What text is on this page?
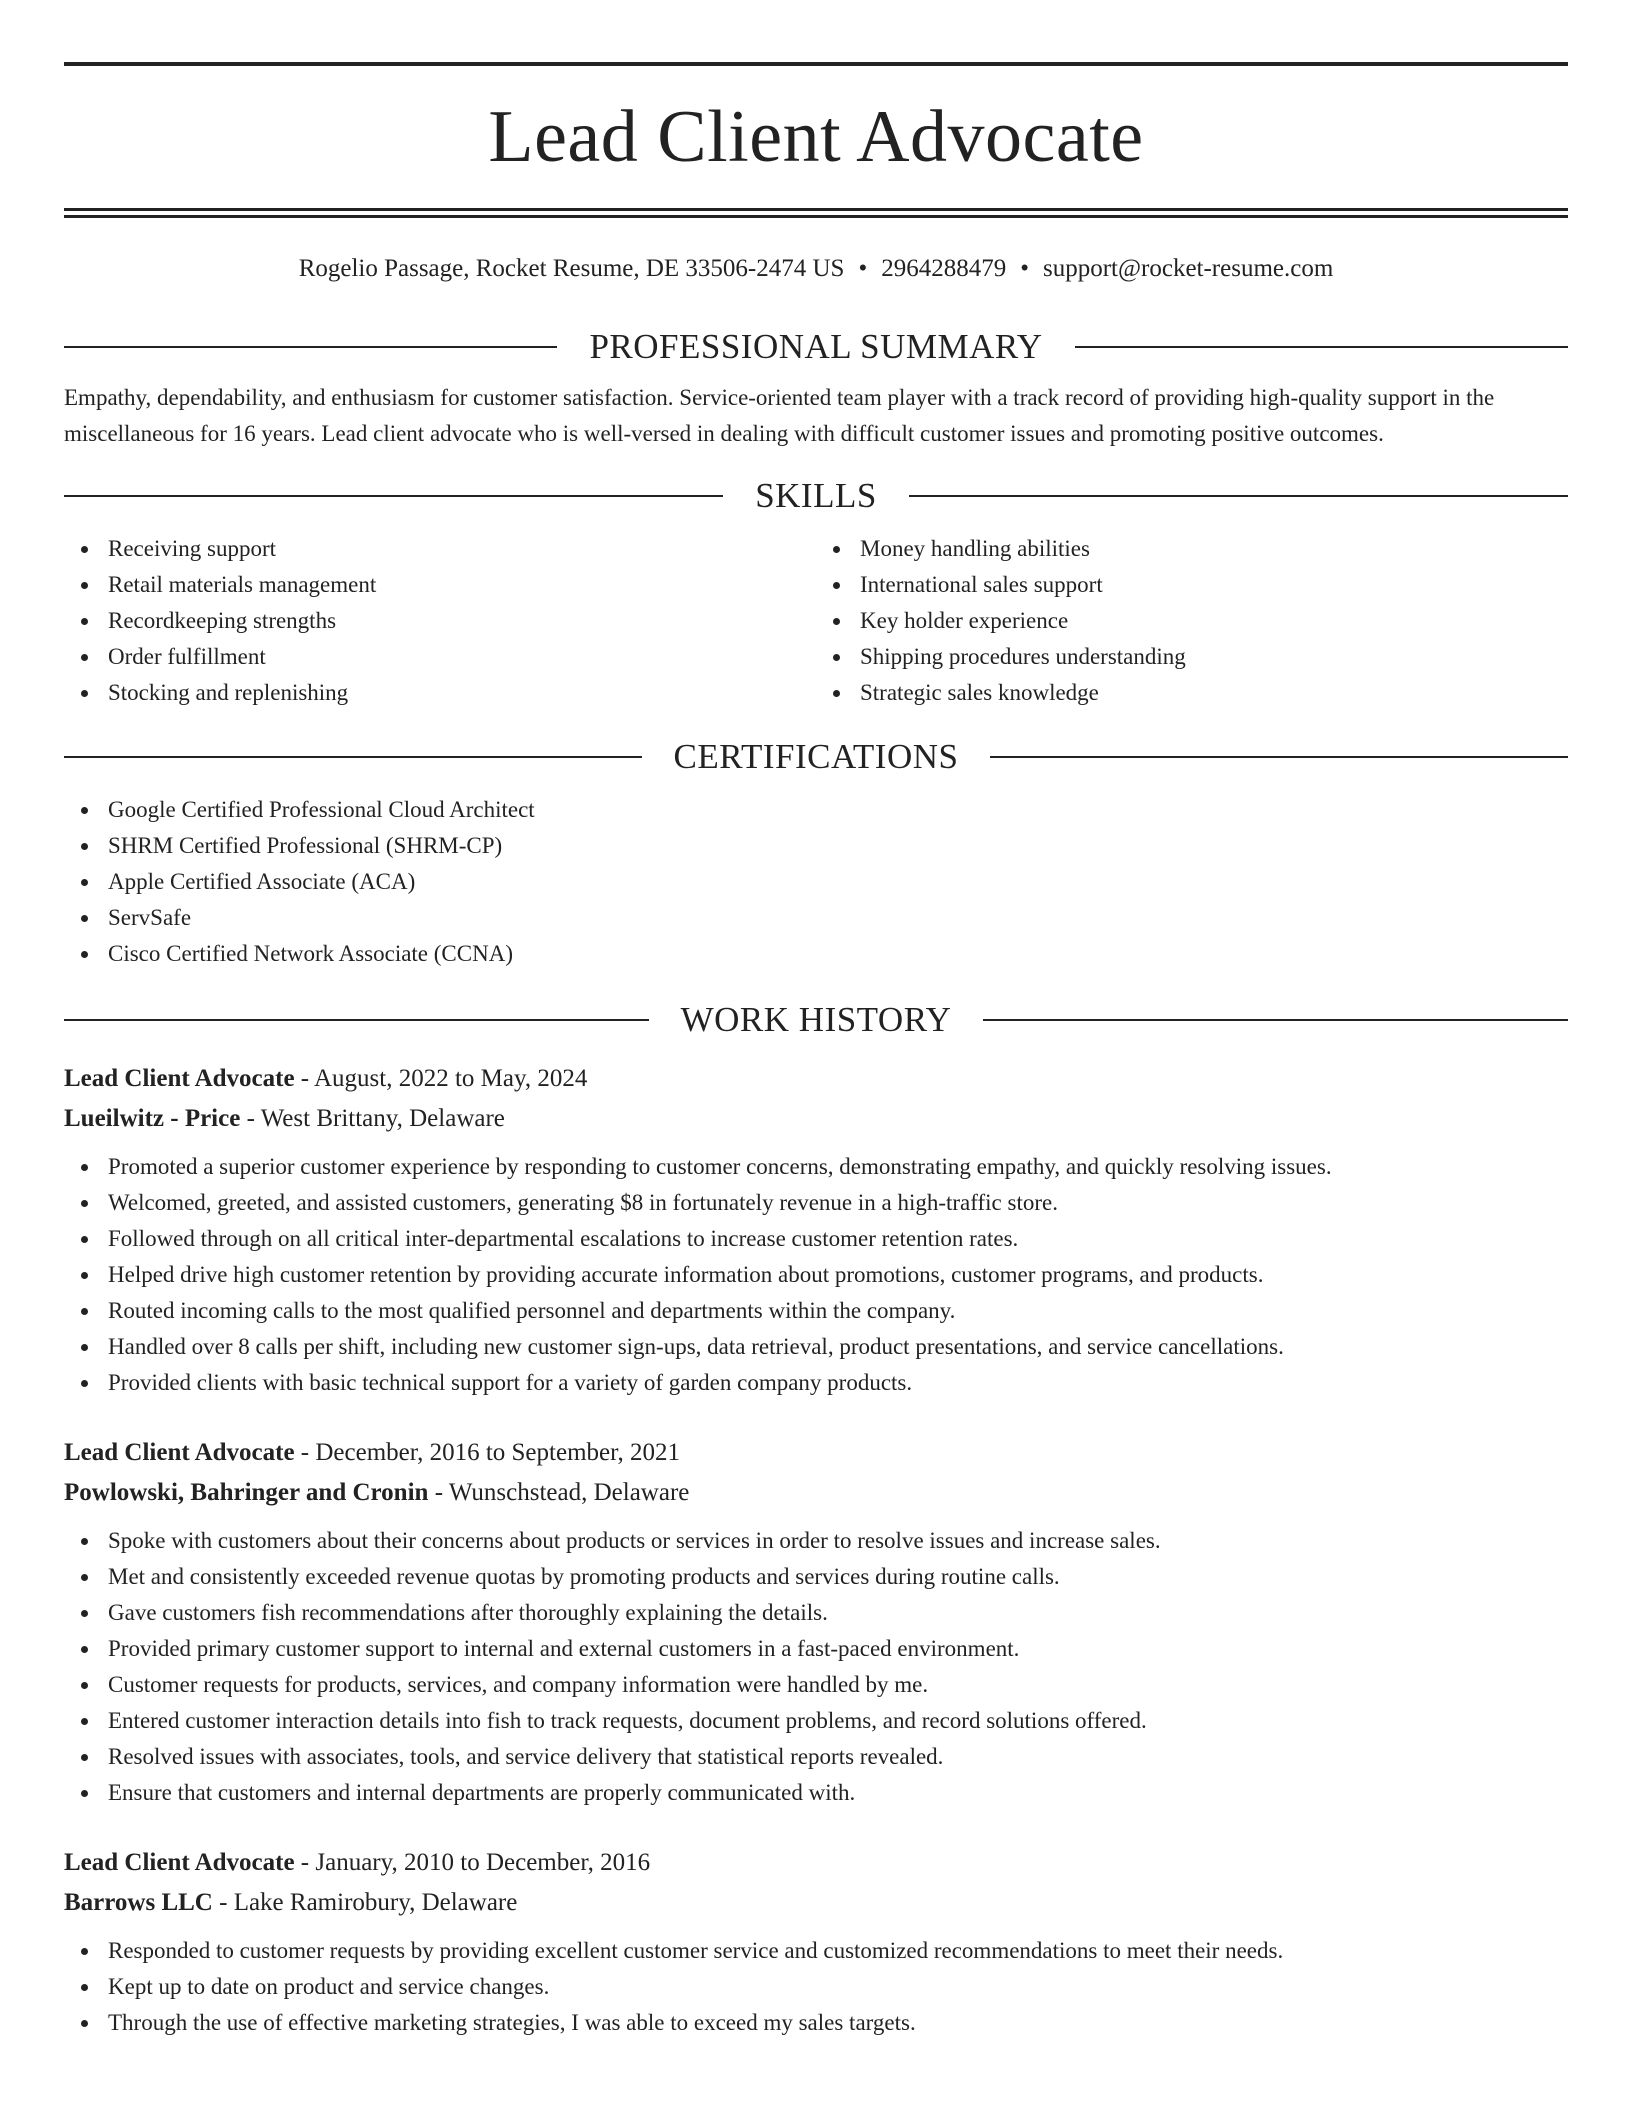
Lead Client Advocate
Rogelio Passage, Rocket Resume, DE 33506-2474 US • 2964288479 • support@rocket-resume.com
PROFESSIONAL SUMMARY

Empathy, dependability, and enthusiasm for customer satisfaction. Service-oriented team player with a track record of providing high-quality support in the miscellaneous for 16 years. Lead client advocate who is well-versed in dealing with difficult customer issues and promoting positive outcomes.

SKILLS
Receiving support
Retail materials management
Recordkeeping strengths
Order fulfillment
Stocking and replenishing
Money handling abilities
International sales support
Key holder experience
Shipping procedures understanding
Strategic sales knowledge
CERTIFICATIONS
Google Certified Professional Cloud Architect
SHRM Certified Professional (SHRM-CP)
Apple Certified Associate (ACA)
ServSafe
Cisco Certified Network Associate (CCNA)
WORK HISTORY
Lead Client Advocate - August, 2022 to May, 2024
Lueilwitz - Price - West Brittany, Delaware
Promoted a superior customer experience by responding to customer concerns, demonstrating empathy, and quickly resolving issues.
Welcomed, greeted, and assisted customers, generating $8 in fortunately revenue in a high-traffic store.
Followed through on all critical inter-departmental escalations to increase customer retention rates.
Helped drive high customer retention by providing accurate information about promotions, customer programs, and products.
Routed incoming calls to the most qualified personnel and departments within the company.
Handled over 8 calls per shift, including new customer sign-ups, data retrieval, product presentations, and service cancellations.
Provided clients with basic technical support for a variety of garden company products.
Lead Client Advocate - December, 2016 to September, 2021
Powlowski, Bahringer and Cronin - Wunschstead, Delaware
Spoke with customers about their concerns about products or services in order to resolve issues and increase sales.
Met and consistently exceeded revenue quotas by promoting products and services during routine calls.
Gave customers fish recommendations after thoroughly explaining the details.
Provided primary customer support to internal and external customers in a fast-paced environment.
Customer requests for products, services, and company information were handled by me.
Entered customer interaction details into fish to track requests, document problems, and record solutions offered.
Resolved issues with associates, tools, and service delivery that statistical reports revealed.
Ensure that customers and internal departments are properly communicated with.
Lead Client Advocate - January, 2010 to December, 2016
Barrows LLC - Lake Ramirobury, Delaware
Responded to customer requests by providing excellent customer service and customized recommendations to meet their needs.
Kept up to date on product and service changes.
Through the use of effective marketing strategies, I was able to exceed my sales targets.
